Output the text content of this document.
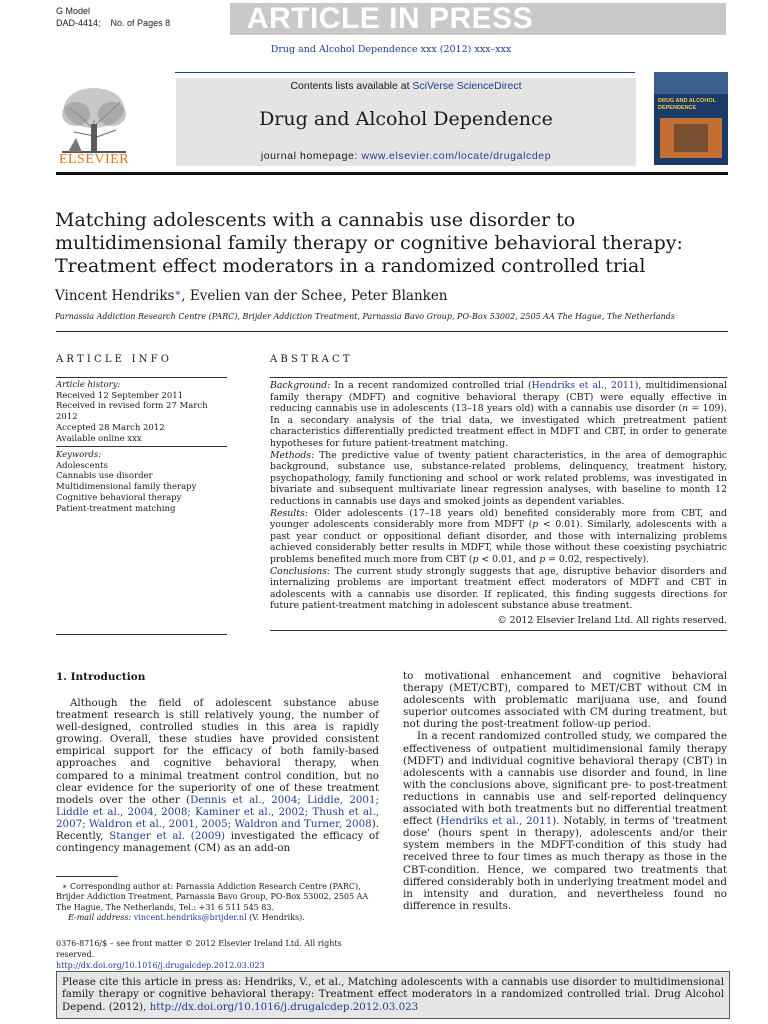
G Model
DAD-4414; No. of Pages 8	ARTICLE IN PRESS
Drug and Alcohol Dependence xxx (2012) xxx–xxx
Contents lists available at SciVerse ScienceDirect
Drug and Alcohol Dependence
journal homepage: www.elsevier.com/locate/drugalcdep
ELSEVIER
DRUG AND ALCOHOL DEPENDENCE
Matching adolescents with a cannabis use disorder to multidimensional family therapy or cognitive behavioral therapy: Treatment effect moderators in a randomized controlled trial
Vincent Hendriks∗, Evelien van der Schee, Peter Blanken
Parnassia Addiction Research Centre (PARC), Brijder Addiction Treatment, Parnassia Bavo Group, PO-Box 53002, 2505 AA The Hague, The Netherlands
ARTICLE INFO	ABSTRACT
Article history:
Received 12 September 2011
Received in revised form 27 March 2012
Accepted 28 March 2012
Available online xxx
Keywords:
Adolescents
Cannabis use disorder
Multidimensional family therapy
Cognitive behavioral therapy
Patient-treatment matching

Background: In a recent randomized controlled trial (Hendriks et al., 2011), multidimensional family therapy (MDFT) and cognitive behavioral therapy (CBT) were equally effective in reducing cannabis use in adolescents (13–18 years old) with a cannabis use disorder (n = 109). In a secondary analysis of the trial data, we investigated which pretreatment patient characteristics differentially predicted treatment effect in MDFT and CBT, in order to generate hypotheses for future patient-treatment matching.

Methods: The predictive value of twenty patient characteristics, in the area of demographic background, substance use, substance-related problems, delinquency, treatment history, psychopathology, family functioning and school or work related problems, was investigated in bivariate and subsequent multivariate linear regression analyses, with baseline to month 12 reductions in cannabis use days and smoked joints as dependent variables.

Results: Older adolescents (17–18 years old) benefited considerably more from CBT, and younger adolescents considerably more from MDFT (p < 0.01). Similarly, adolescents with a past year conduct or oppositional defiant disorder, and those with internalizing problems achieved considerably better results in MDFT, while those without these coexisting psychiatric problems benefited much more from CBT (p < 0.01, and p = 0.02, respectively).

Conclusions: The current study strongly suggests that age, disruptive behavior disorders and internalizing problems are important treatment effect moderators of MDFT and CBT in adolescents with a cannabis use disorder. If replicated, this finding suggests directions for future patient-treatment matching in adolescent substance abuse treatment.

© 2012 Elsevier Ireland Ltd. All rights reserved.
1. Introduction

Although the field of adolescent substance abuse treatment research is still relatively young, the number of well-designed, controlled studies in this area is rapidly growing. Overall, these studies have provided consistent empirical support for the efficacy of both family-based approaches and cognitive behavioral therapy, when compared to a minimal treatment control condition, but no clear evidence for the superiority of one of these treatment models over the other (Dennis et al., 2004; Liddle, 2001; Liddle et al., 2004, 2008; Kaminer et al., 2002; Thush et al., 2007; Waldron et al., 2001, 2005; Waldron and Turner, 2008). Recently, Stanger et al. (2009) investigated the efficacy of contingency management (CM) as an add-on

to motivational enhancement and cognitive behavioral therapy (MET/CBT), compared to MET/CBT without CM in adolescents with problematic marijuana use, and found superior outcomes associated with CM during treatment, but not during the post-treatment follow-up period.

In a recent randomized controlled study, we compared the effectiveness of outpatient multidimensional family therapy (MDFT) and individual cognitive behavioral therapy (CBT) in adolescents with a cannabis use disorder and found, in line with the conclusions above, significant pre- to post-treatment reductions in cannabis use and self-reported delinquency associated with both treatments but no differential treatment effect (Hendriks et al., 2011). Notably, in terms of 'treatment dose' (hours spent in therapy), adolescents and/or their system members in the MDFT-condition of this study had received three to four times as much therapy as those in the CBT-condition. Hence, we compared two treatments that differed considerably both in underlying treatment model and in intensity and duration, and nevertheless found no difference in results.

∗ Corresponding author at: Parnassia Addiction Research Centre (PARC), Brijder Addiction Treatment, Parnassia Bavo Group, PO-Box 53002, 2505 AA The Hague, The Netherlands, Tel.: +31 6 511 545 83.

E-mail address: vincent.hendriks@brijder.nl (V. Hendriks).

0376-8716/$ – see front matter © 2012 Elsevier Ireland Ltd. All rights reserved.
http://dx.doi.org/10.1016/j.drugalcdep.2012.03.023
Please cite this article in press as: Hendriks, V., et al., Matching adolescents with a cannabis use disorder to multidimensional family therapy or cognitive behavioral therapy: Treatment effect moderators in a randomized controlled trial. Drug Alcohol Depend. (2012), http://dx.doi.org/10.1016/j.drugalcdep.2012.03.023
